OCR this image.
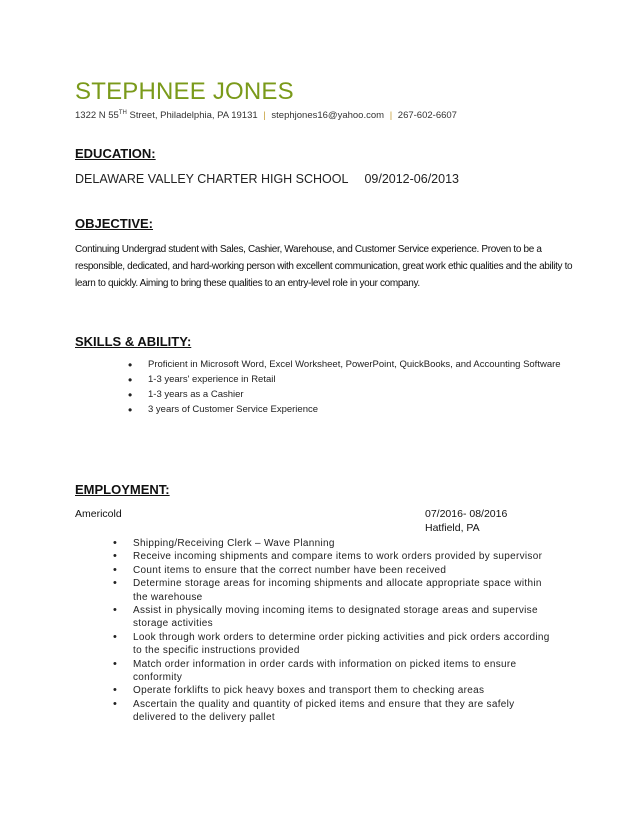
STEPHNEE JONES
1322 N 55TH Street, Philadelphia, PA 19131 | stephjones16@yahoo.com | 267-602-6607
EDUCATION:
DELAWARE VALLEY CHARTER HIGH SCHOOL 09/2012-06/2013
OBJECTIVE:
Continuing Undergrad student with Sales, Cashier, Warehouse, and Customer Service experience. Proven to be a responsible, dedicated, and hard-working person with excellent communication, great work ethic qualities and the ability to learn to quickly. Aiming to bring these qualities to an entry-level role in your company.
SKILLS & ABILITY:
• Proficient in Microsoft Word, Excel Worksheet, PowerPoint, QuickBooks, and Accounting Software
• 1-3 years' experience in Retail
• 1-3 years as a Cashier
• 3 years of Customer Service Experience
EMPLOYMENT:
Americold	07/2016- 08/2016
Hatfield, PA
• Shipping/Receiving Clerk – Wave Planning
• Receive incoming shipments and compare items to work orders provided by supervisor
• Count items to ensure that the correct number have been received
• Determine storage areas for incoming shipments and allocate appropriate space within the warehouse
• Assist in physically moving incoming items to designated storage areas and supervise storage activities
• Look through work orders to determine order picking activities and pick orders according to the specific instructions provided
• Match order information in order cards with information on picked items to ensure conformity
• Operate forklifts to pick heavy boxes and transport them to checking areas
• Ascertain the quality and quantity of picked items and ensure that they are safely delivered to the delivery pallet
